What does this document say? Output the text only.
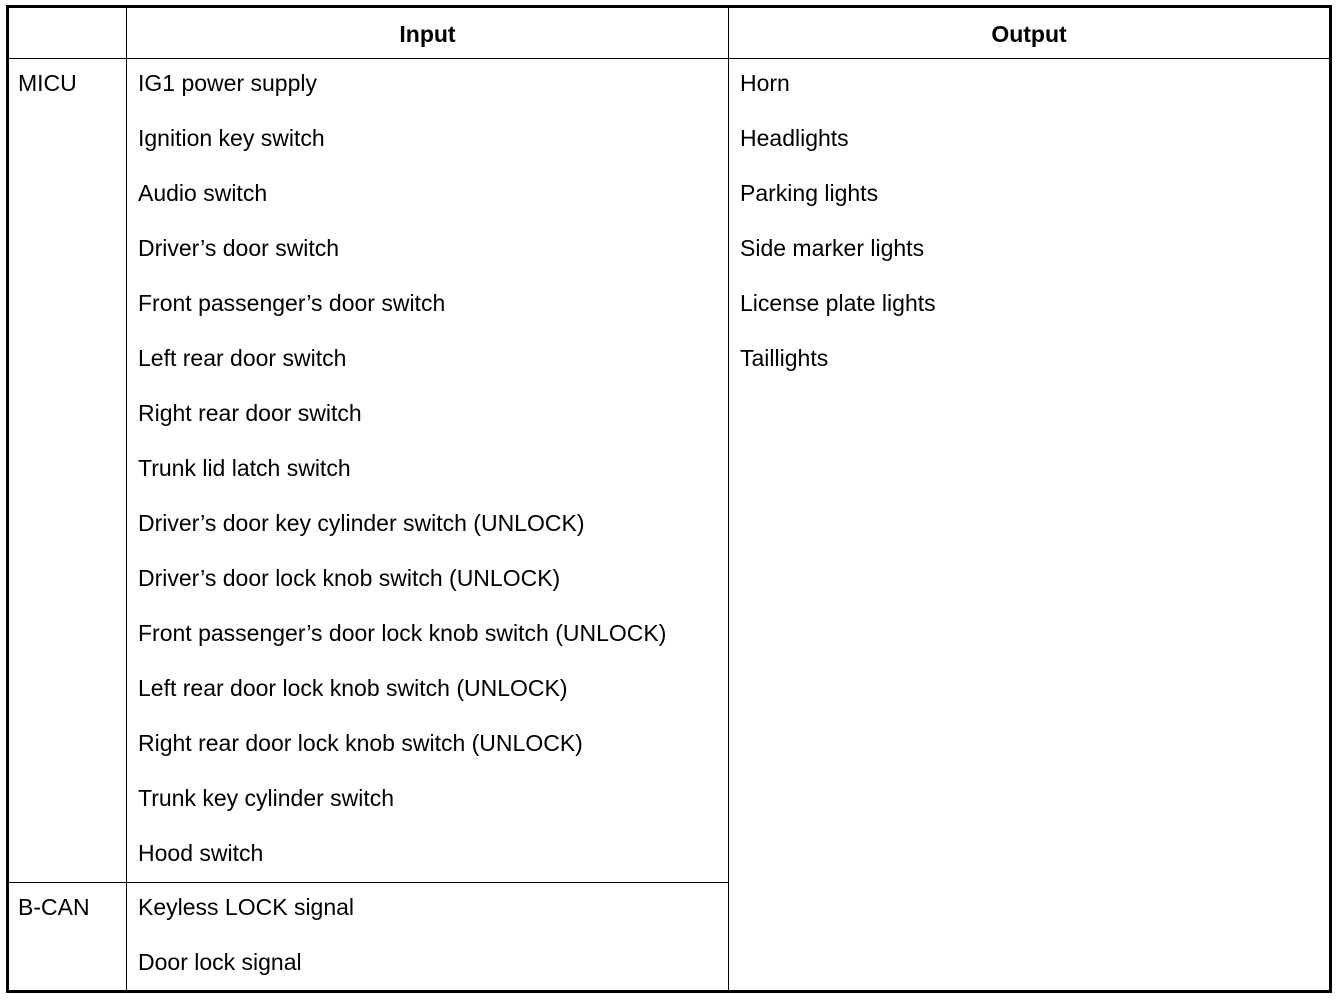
Input	Output
MICU	IG1 power supply
Ignition key switch
Audio switch
Driver’s door switch
Front passenger’s door switch
Left rear door switch
Right rear door switch
Trunk lid latch switch
Driver’s door key cylinder switch (UNLOCK)
Driver’s door lock knob switch (UNLOCK)
Front passenger’s door lock knob switch (UNLOCK)
Left rear door lock knob switch (UNLOCK)
Right rear door lock knob switch (UNLOCK)
Trunk key cylinder switch
Hood switch
B-CAN Keyless LOCK signal
Door lock signal
Horn
Headlights
Parking lights
Side marker lights
License plate lights
Taillights
